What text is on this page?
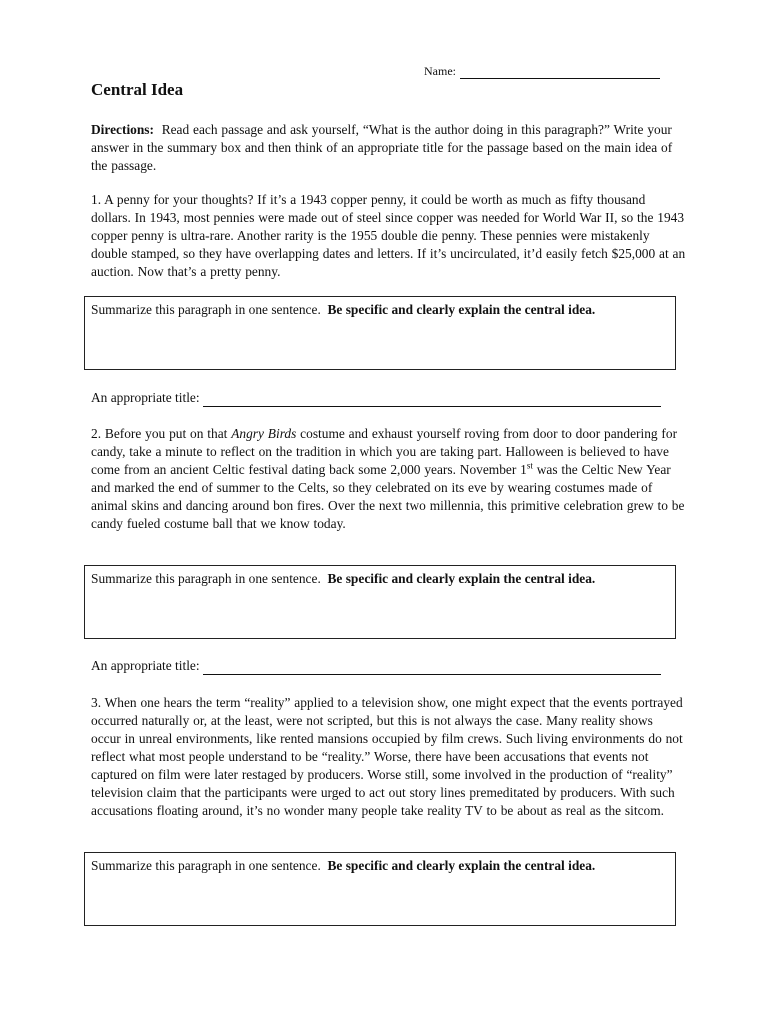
Name:
Central Idea

Directions: Read each passage and ask yourself, “What is the author doing in this paragraph?” Write your answer in the summary box and then think of an appropriate title for the passage based on the main idea of the passage.

1. A penny for your thoughts? If it’s a 1943 copper penny, it could be worth as much as fifty thousand dollars. In 1943, most pennies were made out of steel since copper was needed for World War II, so the 1943 copper penny is ultra-rare. Another rarity is the 1955 double die penny. These pennies were mistakenly double stamped, so they have overlapping dates and letters. If it’s uncirculated, it’d easily fetch $25,000 at an auction. Now that’s a pretty penny.

Summarize this paragraph in one sentence. Be specific and clearly explain the central idea.
An appropriate title:

2. Before you put on that Angry Birds costume and exhaust yourself roving from door to door pandering for candy, take a minute to reflect on the tradition in which you are taking part. Halloween is believed to have come from an ancient Celtic festival dating back some 2,000 years. November 1st was the Celtic New Year and marked the end of summer to the Celts, so they celebrated on its eve by wearing costumes made of animal skins and dancing around bon fires. Over the next two millennia, this primitive celebration grew to be candy fueled costume ball that we know today.

Summarize this paragraph in one sentence. Be specific and clearly explain the central idea.
An appropriate title:

3. When one hears the term “reality” applied to a television show, one might expect that the events portrayed occurred naturally or, at the least, were not scripted, but this is not always the case. Many reality shows occur in unreal environments, like rented mansions occupied by film crews. Such living environments do not reflect what most people understand to be “reality.” Worse, there have been accusations that events not captured on film were later restaged by producers. Worse still, some involved in the production of “reality” television claim that the participants were urged to act out story lines premeditated by producers. With such accusations floating around, it’s no wonder many people take reality TV to be about as real as the sitcom.

Summarize this paragraph in one sentence. Be specific and clearly explain the central idea.
